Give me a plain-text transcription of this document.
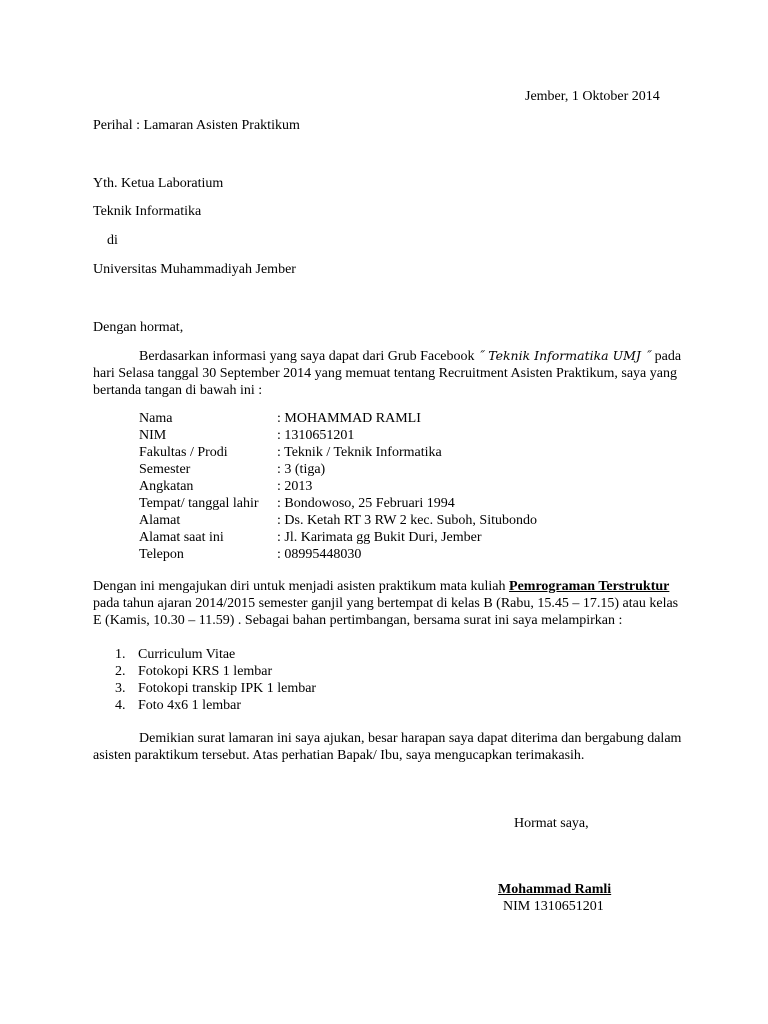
Jember, 1 Oktober 2014
Perihal : Lamaran Asisten Praktikum
Yth. Ketua Laboratium
Teknik Informatika
di
Universitas Muhammadiyah Jember
Dengan hormat,
Berdasarkan informasi yang saya dapat dari Grub Facebook ˝ Teknik Informatika UMJ ˝ pada hari Selasa tanggal 30 September 2014 yang memuat tentang Recruitment Asisten Praktikum, saya yang bertanda tangan di bawah ini :
Nama	: MOHAMMAD RAMLI
NIM	: 1310651201
Fakultas / Prodi	: Teknik / Teknik Informatika
Semester	: 3 (tiga)
Angkatan	: 2013
Tempat/ tanggal lahir : Bondowoso, 25 Februari 1994
Alamat	: Ds. Ketah RT 3 RW 2 kec. Suboh, Situbondo
Alamat saat ini	: Jl. Karimata gg Bukit Duri, Jember
Telepon	: 08995448030
Dengan ini mengajukan diri untuk menjadi asisten praktikum mata kuliah Pemrograman Terstruktur pada tahun ajaran 2014/2015 semester ganjil yang bertempat di kelas B (Rabu, 15.45 – 17.15) atau kelas E (Kamis, 10.30 – 11.59) . Sebagai bahan pertimbangan, bersama surat ini saya melampirkan :
1. Curriculum Vitae
2. Fotokopi KRS 1 lembar
3. Fotokopi transkip IPK 1 lembar
4. Foto 4x6 1 lembar
Demikian surat lamaran ini saya ajukan, besar harapan saya dapat diterima dan bergabung dalam asisten paraktikum tersebut. Atas perhatian Bapak/ Ibu, saya mengucapkan terimakasih.
Hormat saya,
Mohammad Ramli
NIM 1310651201
